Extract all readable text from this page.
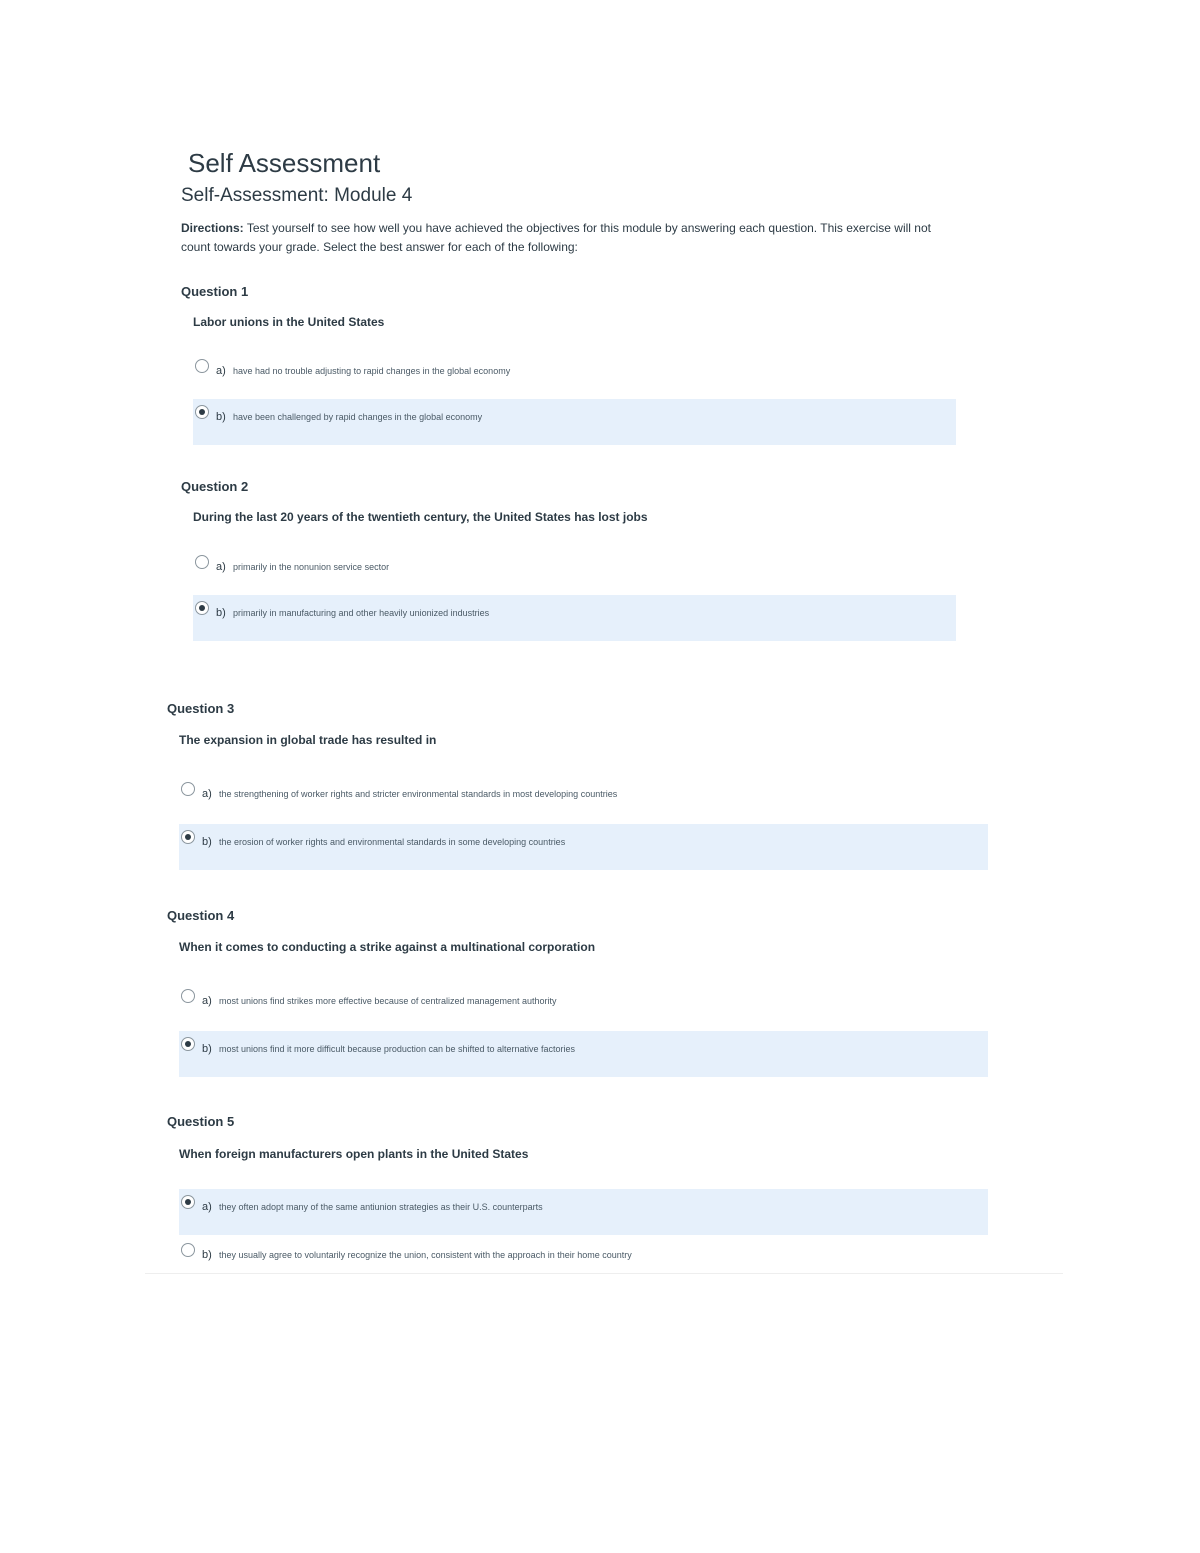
Self Assessment
Self-Assessment: Module 4
Directions: Test yourself to see how well you have achieved the objectives for this module by answering each question. This exercise will not count towards your grade. Select the best answer for each of the following:
Question 1
Labor unions in the United States
a) have had no trouble adjusting to rapid changes in the global economy
b) have been challenged by rapid changes in the global economy
Question 2
During the last 20 years of the twentieth century, the United States has lost jobs
a) primarily in the nonunion service sector
b) primarily in manufacturing and other heavily unionized industries
Question 3
The expansion in global trade has resulted in
a) the strengthening of worker rights and stricter environmental standards in most developing countries
b) the erosion of worker rights and environmental standards in some developing countries
Question 4
When it comes to conducting a strike against a multinational corporation
a) most unions find strikes more effective because of centralized management authority
b) most unions find it more difficult because production can be shifted to alternative factories
Question 5
When foreign manufacturers open plants in the United States
a) they often adopt many of the same antiunion strategies as their U.S. counterparts
b) they usually agree to voluntarily recognize the union, consistent with the approach in their home country
